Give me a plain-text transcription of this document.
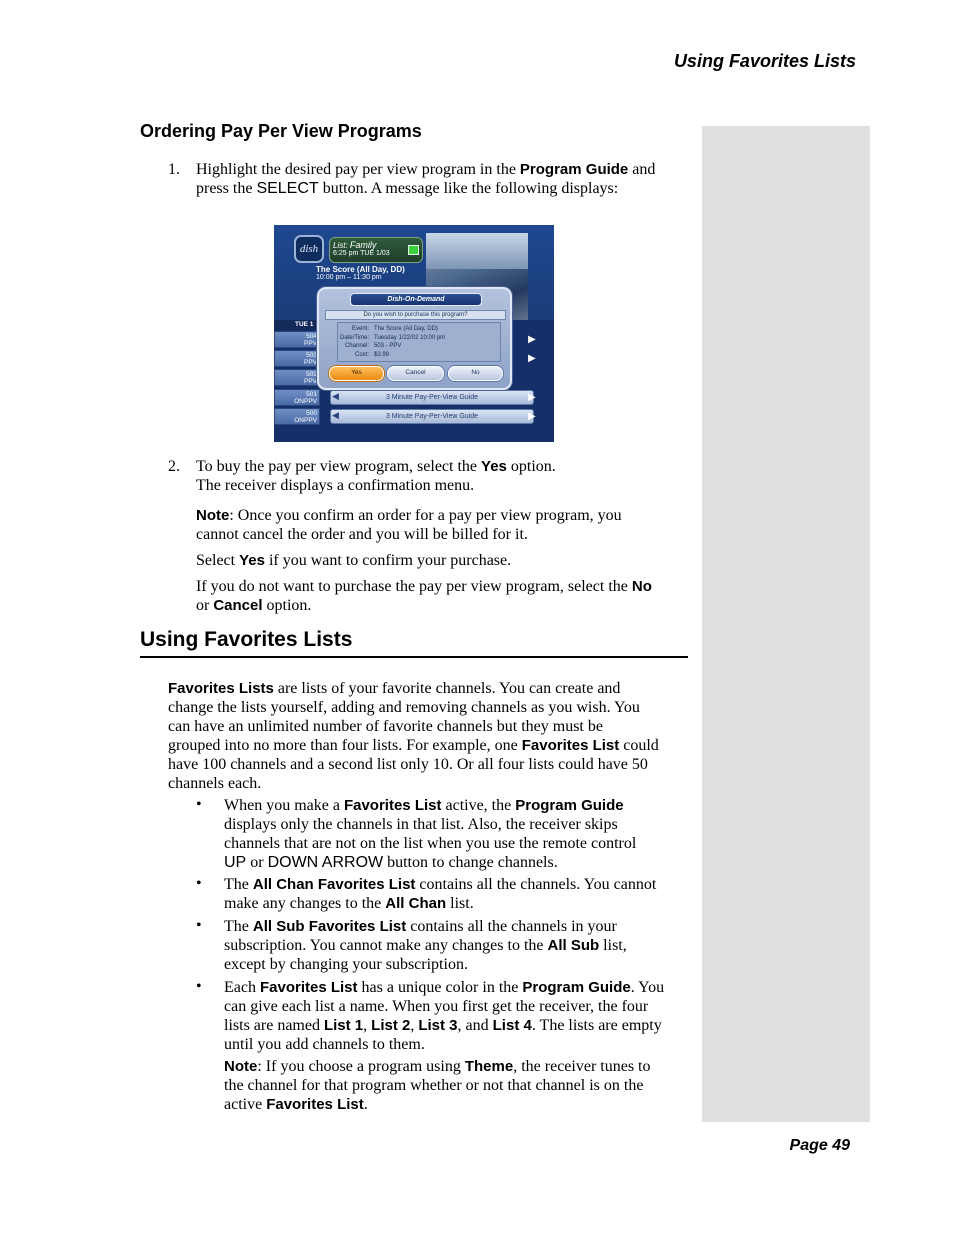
Using Favorites Lists
Ordering Pay Per View Programs
1. Highlight the desired pay per view program in the Program Guide and
press the SELECT button. A message like the following displays:
dish	List: Family
6:25 pm TUE 1/03
The Score (All Day, DD)
10:00 pm – 11:30 pm
TUE 1
504
PPV	▶
503
PPV	▶
502
PPV
501
ONPPV
3 Minute Pay-Per-View Guide
◀	▶
500
ONPPV
3 Minute Pay-Per-View Guide
◀	▶
Dish-On-Demand
Do you wish to purchase this program?
Event: The Score (All Day, DD)
Date/Time: Tuesday 1/22/02 10:00 pm
Channel: 503 - PPV
Cost: $3.99
Yes	Cancel	No
2. To buy the pay per view program, select the Yes option.
The receiver displays a confirmation menu.
Note: Once you confirm an order for a pay per view program, you
cannot cancel the order and you will be billed for it.
Select Yes if you want to confirm your purchase.
If you do not want to purchase the pay per view program, select the No
or Cancel option.
Using Favorites Lists
Favorites Lists are lists of your favorite channels. You can create and
change the lists yourself, adding and removing channels as you wish. You
can have an unlimited number of favorite channels but they must be
grouped into no more than four lists. For example, one Favorites List could
have 100 channels and a second list only 10. Or all four lists could have 50
channels each.
• When you make a Favorites List active, the Program Guide
displays only the channels in that list. Also, the receiver skips
channels that are not on the list when you use the remote control
UP or DOWN ARROW button to change channels.
• The All Chan Favorites List contains all the channels. You cannot
make any changes to the All Chan list.
• The All Sub Favorites List contains all the channels in your
subscription. You cannot make any changes to the All Sub list,
except by changing your subscription.
• Each Favorites List has a unique color in the Program Guide. You
can give each list a name. When you first get the receiver, the four
lists are named List 1, List 2, List 3, and List 4. The lists are empty
until you add channels to them.
Note: If you choose a program using Theme, the receiver tunes to
the channel for that program whether or not that channel is on the
active Favorites List.
Page 49
